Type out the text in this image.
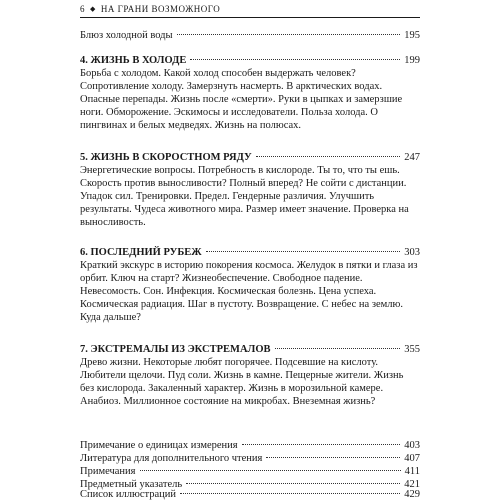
6 ◆ НА ГРАНИ ВОЗМОЖНОГО
Блюз холодной воды	195
4. ЖИЗНЬ В ХОЛОДЕ	199
Борьба с холодом. Какой холод способен выдержать человек? Сопротивление холоду. Замерзнуть насмерть. В арктических водах. Опасные перепады. Жизнь после «смерти». Руки в цыпках и замерзшие ноги. Обморожение. Эскимосы и исследователи. Польза холода. О пингвинах и белых медведях. Жизнь на полюсах.
5. ЖИЗНЬ В СКОРОСТНОМ РЯДУ	247
Энергетические вопросы. Потребность в кислороде. Ты то, что ты ешь. Скорость против выносливости? Полный вперед? Не сойти с дистанции. Упадок сил. Тренировки. Предел. Гендерные различия. Улучшить результаты. Чудеса животного мира. Размер имеет значение. Проверка на выносливость.
6. ПОСЛЕДНИЙ РУБЕЖ	303
Краткий экскурс в историю покорения космоса. Желудок в пятки и глаза из орбит. Ключ на старт? Жизнеобеспечение. Свободное падение. Невесомость. Сон. Инфекция. Космическая болезнь. Цена успеха. Космическая радиация. Шаг в пустоту. Возвращение. С небес на землю. Куда дальше?
7. ЭКСТРЕМАЛЫ ИЗ ЭКСТРЕМАЛОВ	355
Древо жизни. Некоторые любят погорячее. Подсевшие на кислоту. Любители щелочи. Пуд соли. Жизнь в камне. Пещерные жители. Жизнь без кислорода. Закаленный характер. Жизнь в морозильной камере. Анабиоз. Миллионное состояние на микробах. Внеземная жизнь?
Примечание о единицах измерения	403
Литература для дополнительного чтения	407
Примечания	411
Предметный указатель	421
Список иллюстраций	429
